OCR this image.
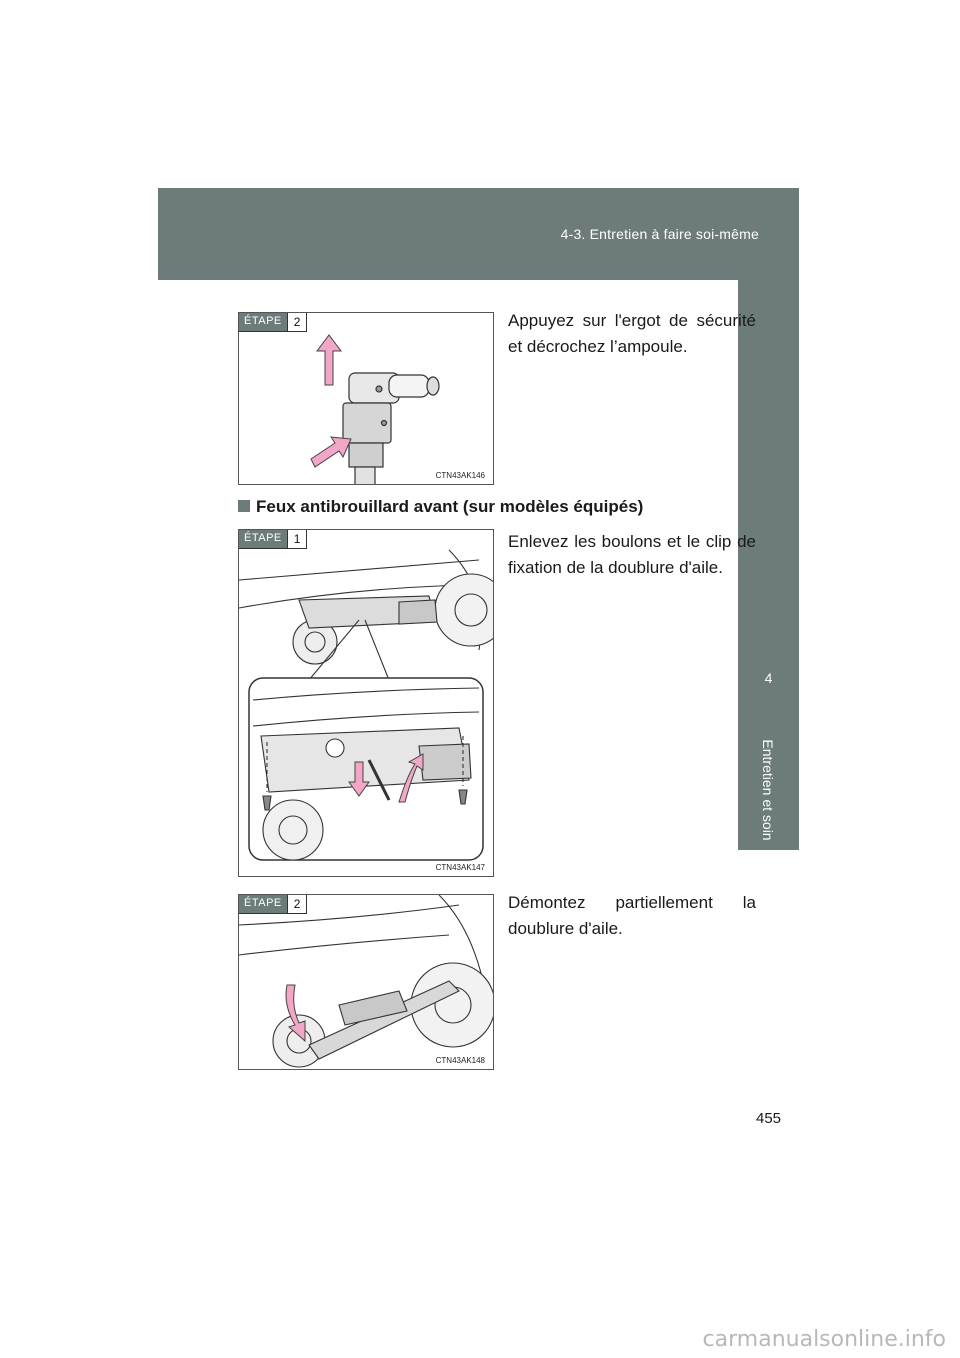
4-3. Entretien à faire soi-même
4
Entretien et soin
ÉTAPE	2
CTN43AK146
Appuyez sur l'ergot de sécurité et décrochez l’ampoule.
Feux antibrouillard avant (sur modèles équipés)
ÉTAPE	1
CTN43AK147
Enlevez les boulons et le clip de fixation de la doublure d'aile.
ÉTAPE	2
CTN43AK148
Démontez partiellement la doublure d'aile.
455
carmanualsonline.info
